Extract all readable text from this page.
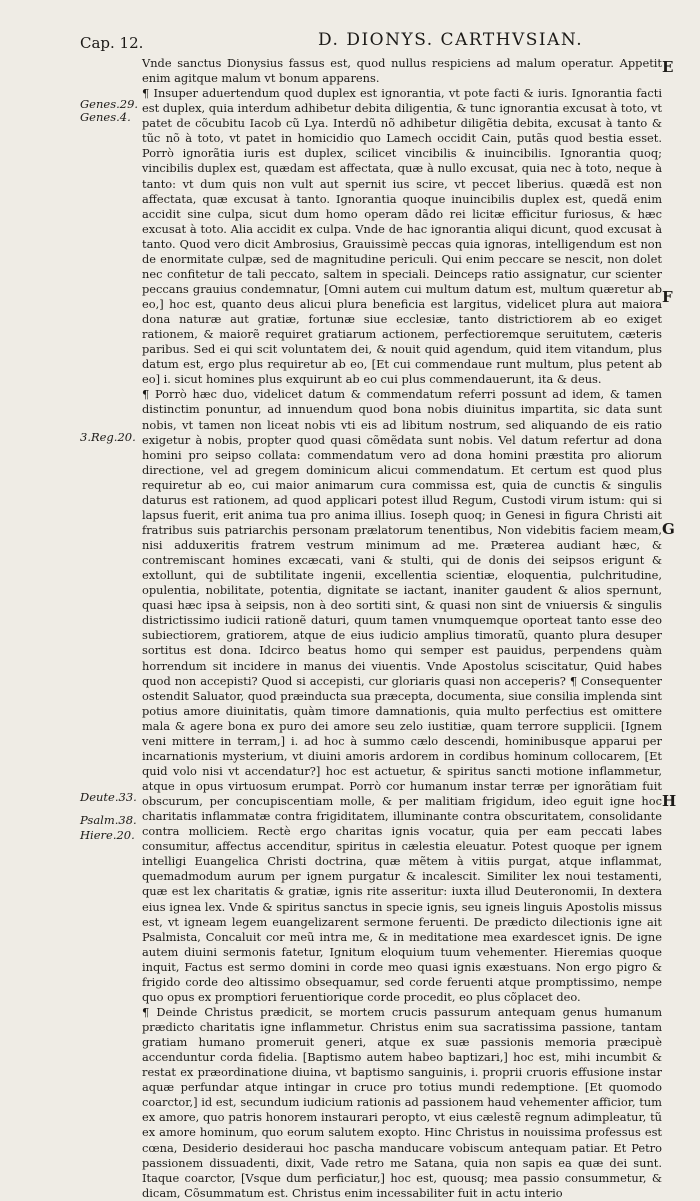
Cap. 12.	D. DIONYS. CARTHVSIAN.
Genes.29.
Genes.4.
3.Reg.20.
Deute.33.
Psalm.38.
Hiere.20.
E
F
G
H

Vnde sanctus Dionysius fassus est, quod nullus respiciens ad malum operatur. Appetit enim agitque malum vt bonum apparens.

¶ Insuper aduertendum quod duplex est ignorantia, vt pote facti & iuris. Ignorantia facti est duplex, quia interdum adhibetur debita diligentia, & tunc ignorantia excusat à toto, vt patet de cõcubitu Iacob cũ Lya. Interdũ nõ adhibetur diligẽtia debita, excusat à tanto & tũc nõ à toto, vt patet in homicidio quo Lamech occidit Cain, putãs quod bestia esset. Porrò ignorãtia iuris est duplex, scilicet vincibilis & inuincibilis. Ignorantia quoq; vincibilis duplex est, quædam est affectata, quæ à nullo excusat, quia nec à toto, neque à tanto: vt dum quis non vult aut spernit ius scire, vt peccet liberius. quædã est non affectata, quæ excusat à tanto. Ignorantia quoque inuincibilis duplex est, quedã enim accidit sine culpa, sicut dum homo operam dãdo rei licitæ efficitur furiosus, & hæc excusat à toto. Alia accidit ex culpa. Vnde de hac ignorantia aliqui dicunt, quod excusat à tanto. Quod vero dicit Ambrosius, Grauissimè peccas quia ignoras, intelligendum est non de enormitate culpæ, sed de magnitudine periculi. Qui enim peccare se nescit, non dolet nec confitetur de tali peccato, saltem in speciali. Deinceps ratio assignatur, cur scienter peccans grauius condemnatur, [Omni autem cui multum datum est, multum quæretur ab eo,] hoc est, quanto deus alicui plura beneficia est largitus, videlicet plura aut maiora dona naturæ aut gratiæ, fortunæ siue ecclesiæ, tanto districtiorem ab eo exiget rationem, & maiorẽ requiret gratiarum actionem, perfectioremque seruitutem, cæteris paribus. Sed ei qui scit voluntatem dei, & nouit quid agendum, quid item vitandum, plus datum est, ergo plus requiretur ab eo, [Et cui commendaue runt multum, plus petent ab eo] i. sicut homines plus exquirunt ab eo cui plus commendauerunt, ita & deus.

¶ Porrò hæc duo, videlicet datum & commendatum referri possunt ad idem, & tamen distinctim ponuntur, ad innuendum quod bona nobis diuinitus impartita, sic data sunt nobis, vt tamen non liceat nobis vti eis ad libitum nostrum, sed aliquando de eis ratio exigetur à nobis, propter quod quasi cõmẽdata sunt nobis. Vel datum refertur ad dona homini pro seipso collata: commendatum vero ad dona homini præstita pro aliorum directione, vel ad gregem dominicum alicui commendatum. Et certum est quod plus requiretur ab eo, cui maior animarum cura commissa est, quia de cunctis & singulis daturus est rationem, ad quod applicari potest illud Regum, Custodi virum istum: qui si lapsus fuerit, erit anima tua pro anima illius. Ioseph quoq; in Genesi in figura Christi ait fratribus suis patriarchis personam prælatorum tenentibus, Non videbitis faciem meam, nisi adduxeritis fratrem vestrum minimum ad me. Præterea audiant hæc, & contremiscant homines excæcati, vani & stulti, qui de donis dei seipsos erigunt & extollunt, qui de subtilitate ingenii, excellentia scientiæ, eloquentia, pulchritudine, opulentia, nobilitate, potentia, dignitate se iactant, inaniter gaudent & alios spernunt, quasi hæc ipsa à seipsis, non à deo sortiti sint, & quasi non sint de vniuersis & singulis districtissimo iudicii rationẽ daturi, quum tamen vnumquemque oporteat tanto esse deo subiectiorem, gratiorem, atque de eius iudicio amplius timoratũ, quanto plura desuper sortitus est dona. Idcirco beatus homo qui semper est pauidus, perpendens quàm horrendum sit incidere in manus dei viuentis. Vnde Apostolus sciscitatur, Quid habes quod non accepisti? Quod si accepisti, cur gloriaris quasi non acceperis? ¶ Consequenter ostendit Saluator, quod præinducta sua præcepta, documenta, siue consilia implenda sint potius amore diuinitatis, quàm timore damnationis, quia multo perfectius est omittere mala & agere bona ex puro dei amore seu zelo iustitiæ, quam terrore supplicii. [Ignem veni mittere in terram,] i. ad hoc à summo cælo descendi, hominibusque apparui per incarnationis mysterium, vt diuini amoris ardorem in cordibus hominum collocarem, [Et quid volo nisi vt accendatur?] hoc est actuetur, & spiritus sancti motione inflammetur, atque in opus virtuosum erumpat. Porrò cor humanum instar terræ per ignorãtiam fuit obscurum, per concupiscentiam molle, & per malitiam frigidum, ideo eguit igne hoc charitatis inflammatæ contra frigiditatem, illuminante contra obscuritatem, consolidante contra molliciem. Rectè ergo charitas ignis vocatur, quia per eam peccati labes consumitur, affectus accenditur, spiritus in cælestia eleuatur. Potest quoque per ignem intelligi Euangelica Christi doctrina, quæ mẽtem à vitiis purgat, atque inflammat, quemadmodum aurum per ignem purgatur & incalescit. Similiter lex noui testamenti, quæ est lex charitatis & gratiæ, ignis rite asseritur: iuxta illud Deuteronomii, In dextera eius ignea lex. Vnde & spiritus sanctus in specie ignis, seu igneis linguis Apostolis missus est, vt igneam legem euangelizarent sermone feruenti. De prædicto dilectionis igne ait Psalmista, Concaluit cor meũ intra me, & in meditatione mea exardescet ignis. De igne autem diuini sermonis fatetur, Ignitum eloquium tuum vehementer. Hieremias quoque inquit, Factus est sermo domini in corde meo quasi ignis exæstuans. Non ergo pigro & frigido corde deo altissimo obsequamur, sed corde feruenti atque promptissimo, nempe quo opus ex promptiori feruentiorique corde procedit, eo plus cõplacet deo.

¶ Deinde Christus prædicit, se mortem crucis passurum antequam genus humanum prædicto charitatis igne inflammetur. Christus enim sua sacratissima passione, tantam gratiam humano promeruit generi, atque ex suæ passionis memoria præcipuè accenduntur corda fidelia. [Baptismo autem habeo baptizari,] hoc est, mihi incumbit & restat ex præordinatione diuina, vt baptismo sanguinis, i. proprii cruoris effusione instar aquæ perfundar atque intingar in cruce pro totius mundi redemptione. [Et quomodo coarctor,] id est, secundum iudicium rationis ad passionem haud vehementer afficior, tum ex amore, quo patris honorem instaurari peropto, vt eius cælestẽ regnum adimpleatur, tũ ex amore hominum, quo eorum salutem exopto. Hinc Christus in nouissima professus est cœna, Desiderio desideraui hoc pascha manducare vobiscum antequam patiar. Et Petro passionem dissuadenti, dixit, Vade retro me Satana, quia non sapis ea quæ dei sunt. Itaque coarctor, [Vsque dum perficiatur,] hoc est, quousq; mea passio consummetur, & dicam, Cõsummatum est. Christus enim incessabiliter fuit in actu interio
